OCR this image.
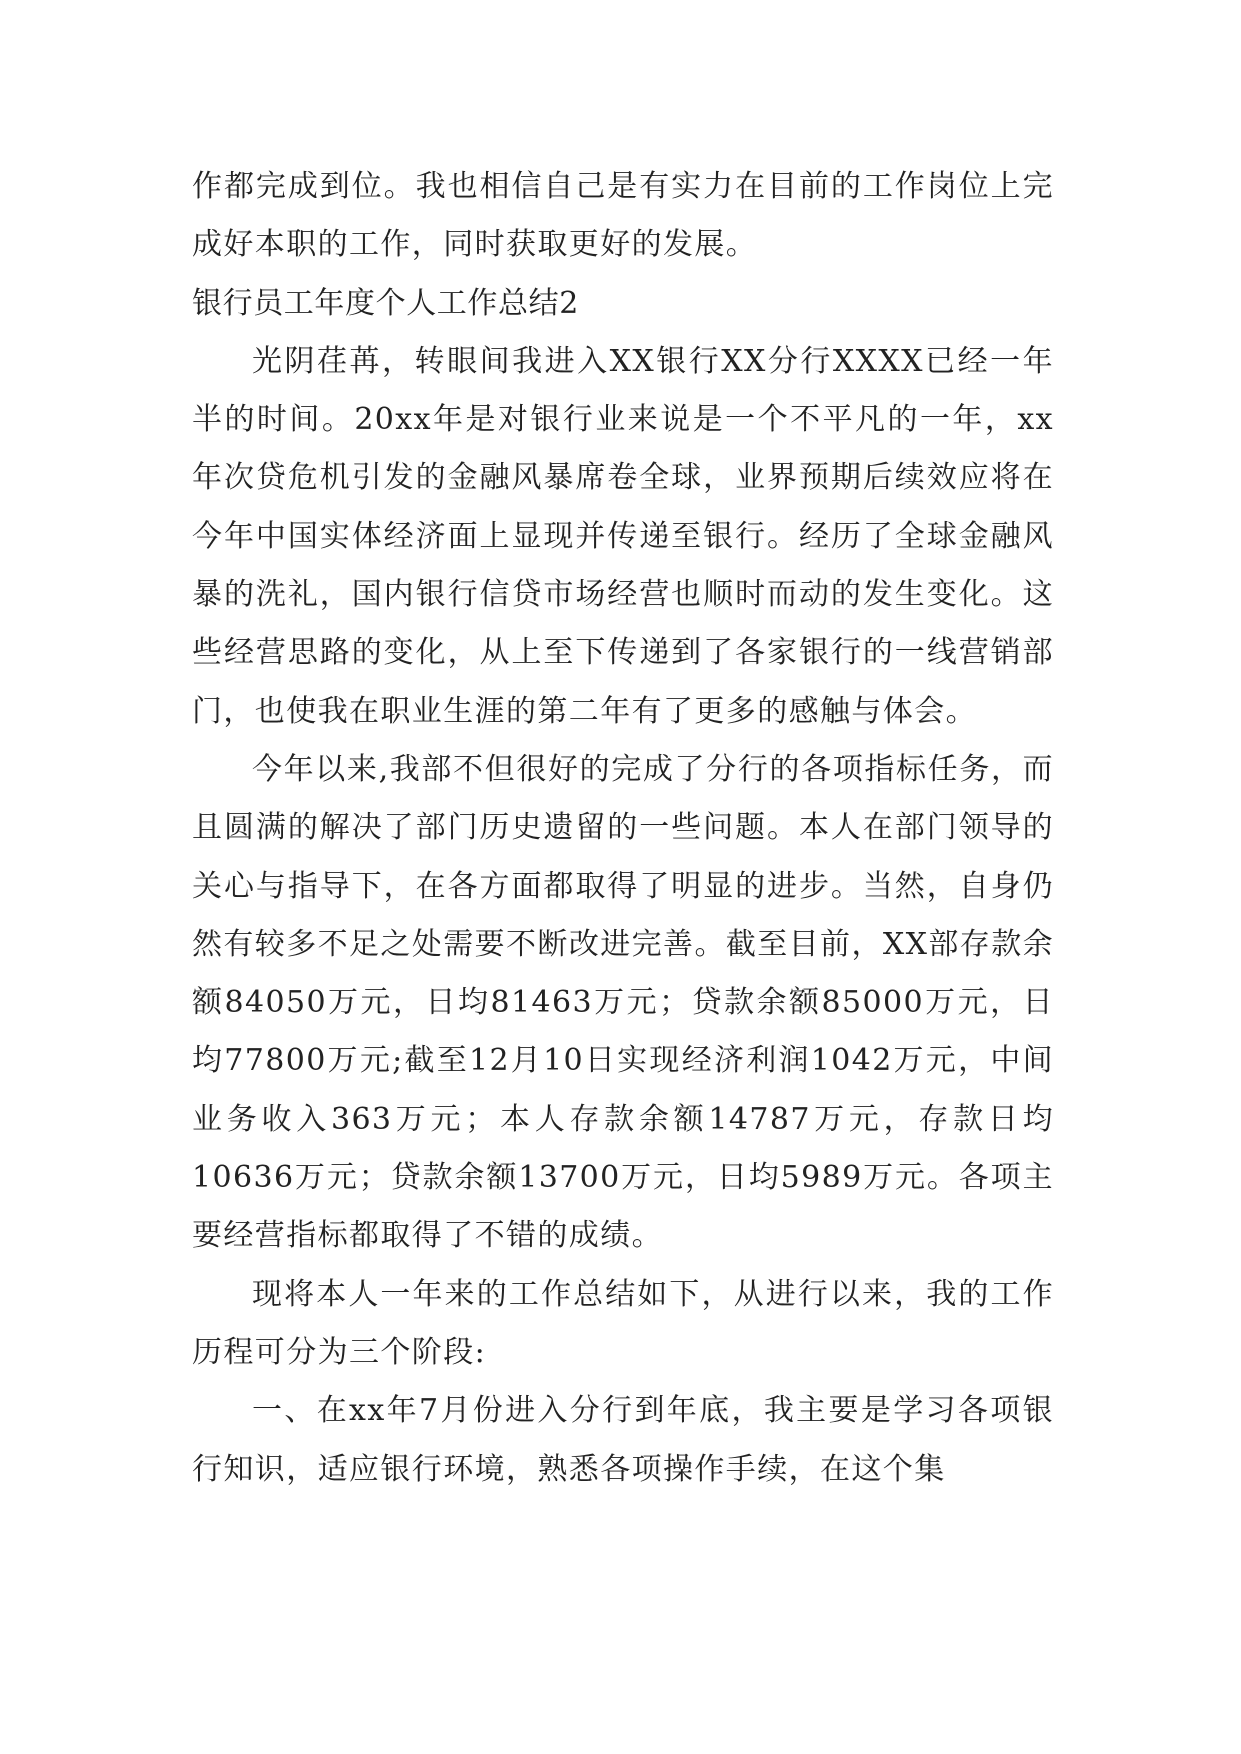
作都完成到位。我也相信自己是有实力在目前的工作岗位上完成好本职的工作，同时获取更好的发展。

银行员工年度个人工作总结2

光阴荏苒，转眼间我进入XX银行XX分行XXXX已经一年半的时间。20xx年是对银行业来说是一个不平凡的一年，xx年次贷危机引发的金融风暴席卷全球，业界预期后续效应将在今年中国实体经济面上显现并传递至银行。经历了全球金融风暴的洗礼，国内银行信贷市场经营也顺时而动的发生变化。这些经营思路的变化，从上至下传递到了各家银行的一线营销部门，也使我在职业生涯的第二年有了更多的感触与体会。

今年以来,我部不但很好的完成了分行的各项指标任务，而且圆满的解决了部门历史遗留的一些问题。本人在部门领导的关心与指导下，在各方面都取得了明显的进步。当然，自身仍然有较多不足之处需要不断改进完善。截至目前，XX部存款余额84050万元，日均81463万元；贷款余额85000万元，日均77800万元;截至12月10日实现经济利润1042万元，中间业务收入363万元；本人存款余额14787万元，存款日均10636万元；贷款余额13700万元，日均5989万元。各项主要经营指标都取得了不错的成绩。

现将本人一年来的工作总结如下，从进行以来，我的工作历程可分为三个阶段:

一、在xx年7月份进入分行到年底，我主要是学习各项银行知识，适应银行环境，熟悉各项操作手续，在这个集
